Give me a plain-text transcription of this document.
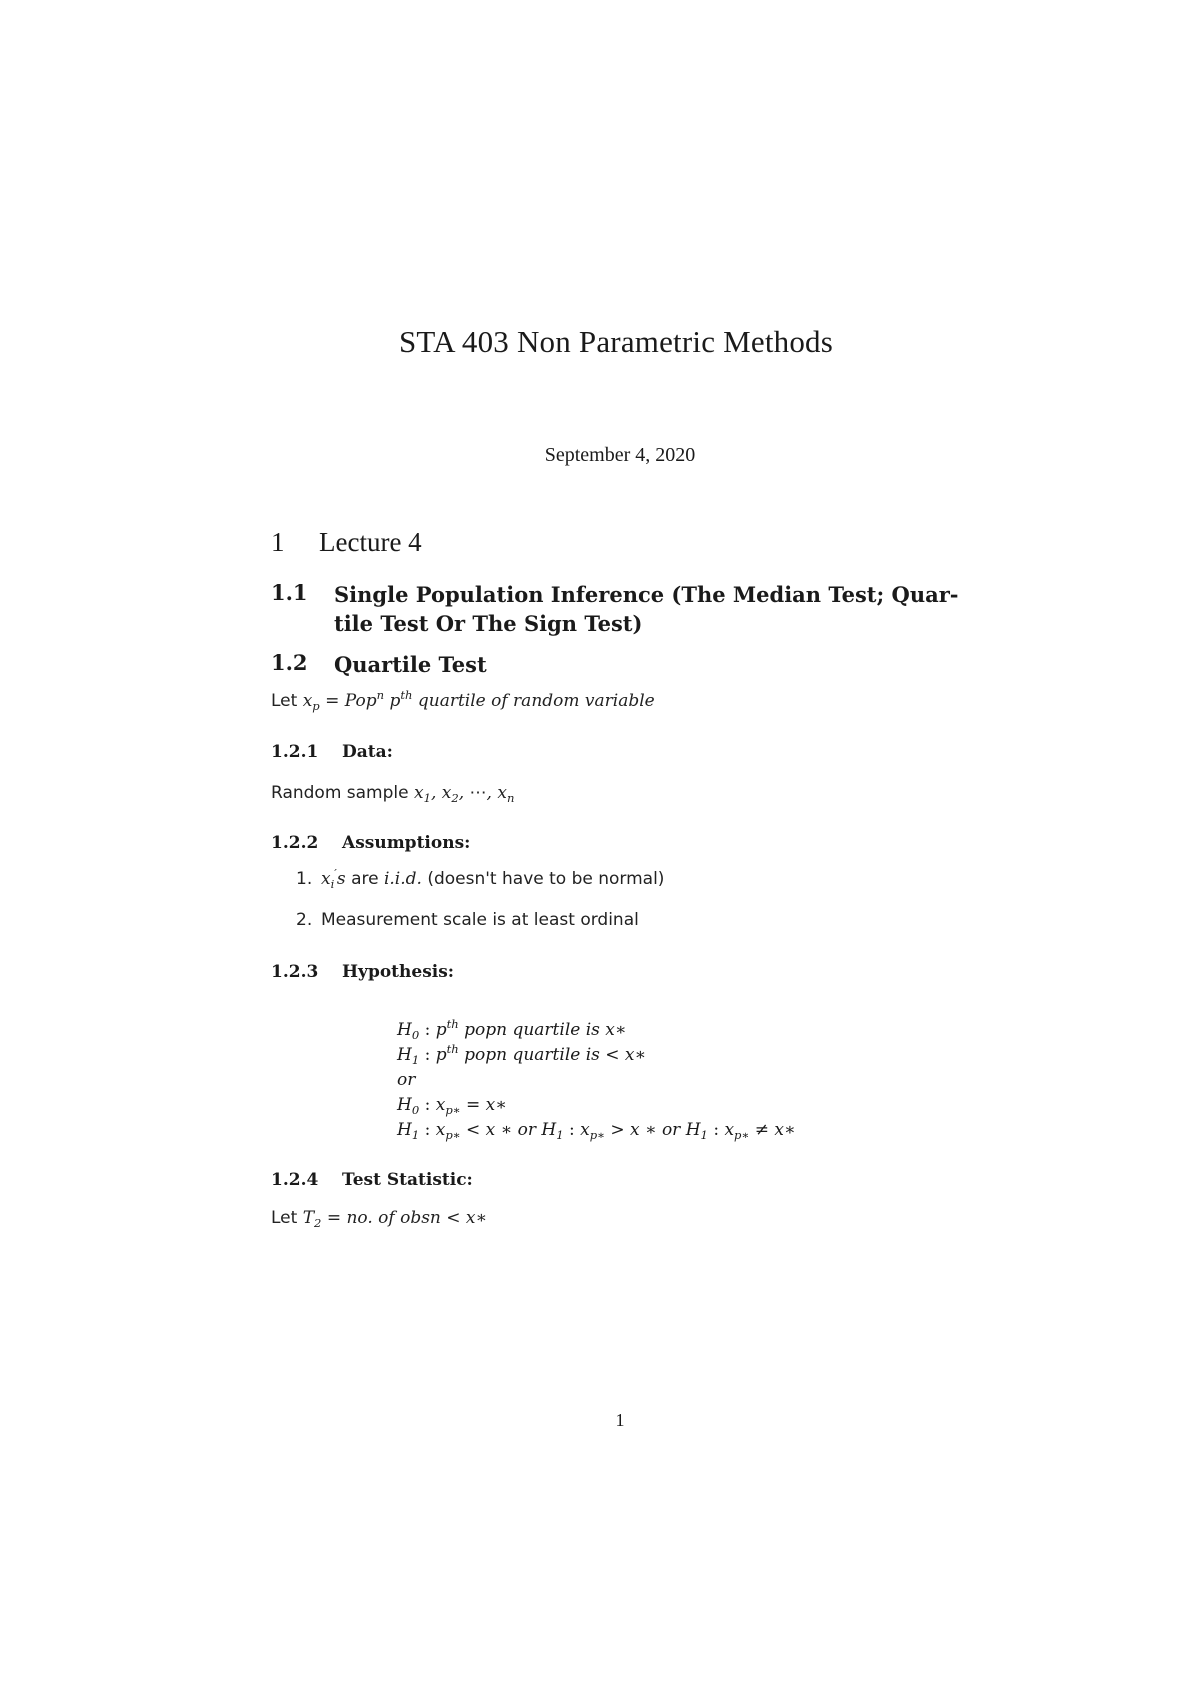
STA 403 Non Parametric Methods
September 4, 2020
1 Lecture 4
1.1 Single Population Inference (The Median Test; Quar-
tile Test Or The Sign Test)
1.2 Quartile Test
Let $x_p = Pop^n$ $p^{th}$ quartile of random variable
1.2.1 Data:
Random sample $x_1$, $x_2$, ⋯, $x_n$
1.2.2 Assumptions:
1. $x_i's$ are i.i.d. (doesn't have to be normal)
2. Measurement scale is at least ordinal
1.2.3 Hypothesis:
$H_0$ : $p^{th}$ popn quartile is x∗
$H_1$ : $p^{th}$ popn quartile is < x∗
or
$H_0$ : $x_{p∗}$ = x∗
$H_1$ : $x_{p∗} < x$ ∗ or $H_1$ : $x_{p∗} > x$ ∗ or $H_1$ : $x_{p∗}$ ≠ x∗
1.2.4 Test Statistic:
Let $T_2$ = no. of obsn < x∗
1
